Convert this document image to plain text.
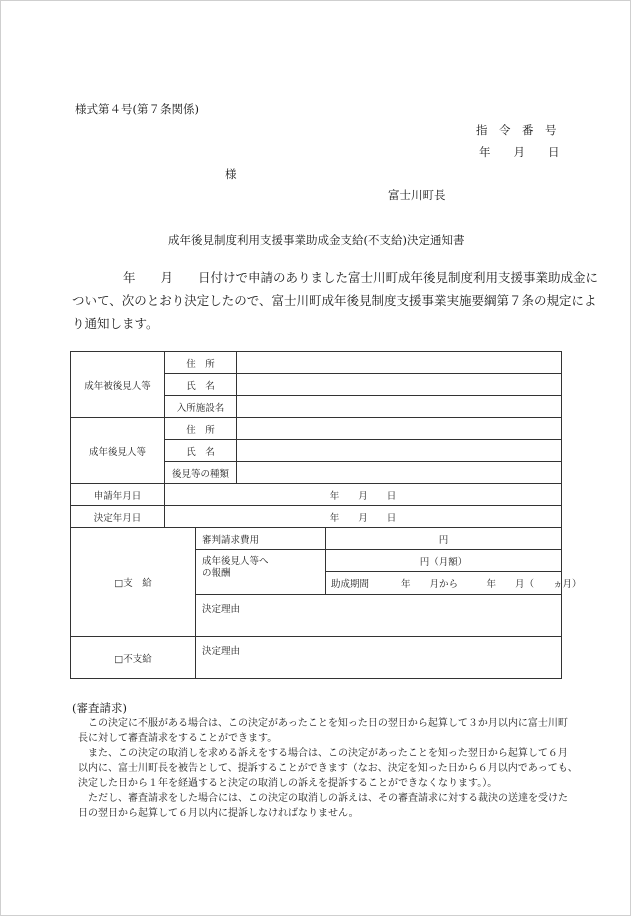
様式第４号(第７条関係)
指　令　番　号
年　　月　　日
様
富士川町長
成年後見制度利用支援事業助成金支給(不支給)決定通知書
年　　月　　日付けで申請のありました富士川町成年後見制度利用支援事業助成金に
ついて、次のとおり決定したので、富士川町成年後見制度支援事業実施要綱第７条の規定によ
り通知します。
成年被後見人等	住　所			
	氏　名			
	入所施設名			
成年後見人等	住　所			
	氏　名			
	後見等の種類			
申請年月日	年　　月　　日			
決定年月日	年　　月　　日			
□支　給		審判請求費用		円
		成年後見人等へ
の報酬		円（月額）
				助成期間 年　　月から　　　年　　月（　　ヵ月）
		決定理由		
□不支給		決定理由		
(審査請求)

　この決定に不服がある場合は、この決定があったことを知った日の翌日から起算して３か月以内に富士川町

長に対して審査請求をすることができます。

　また、この決定の取消しを求める訴えをする場合は、この決定があったことを知った翌日から起算して６月

以内に、富士川町長を被告として、提訴することができます（なお、決定を知った日から６月以内であっても、

決定した日から１年を経過すると決定の取消しの訴えを提訴することができなくなります。）。

　ただし、審査請求をした場合には、この決定の取消しの訴えは、その審査請求に対する裁決の送達を受けた

日の翌日から起算して６月以内に提訴しなければなりません。
